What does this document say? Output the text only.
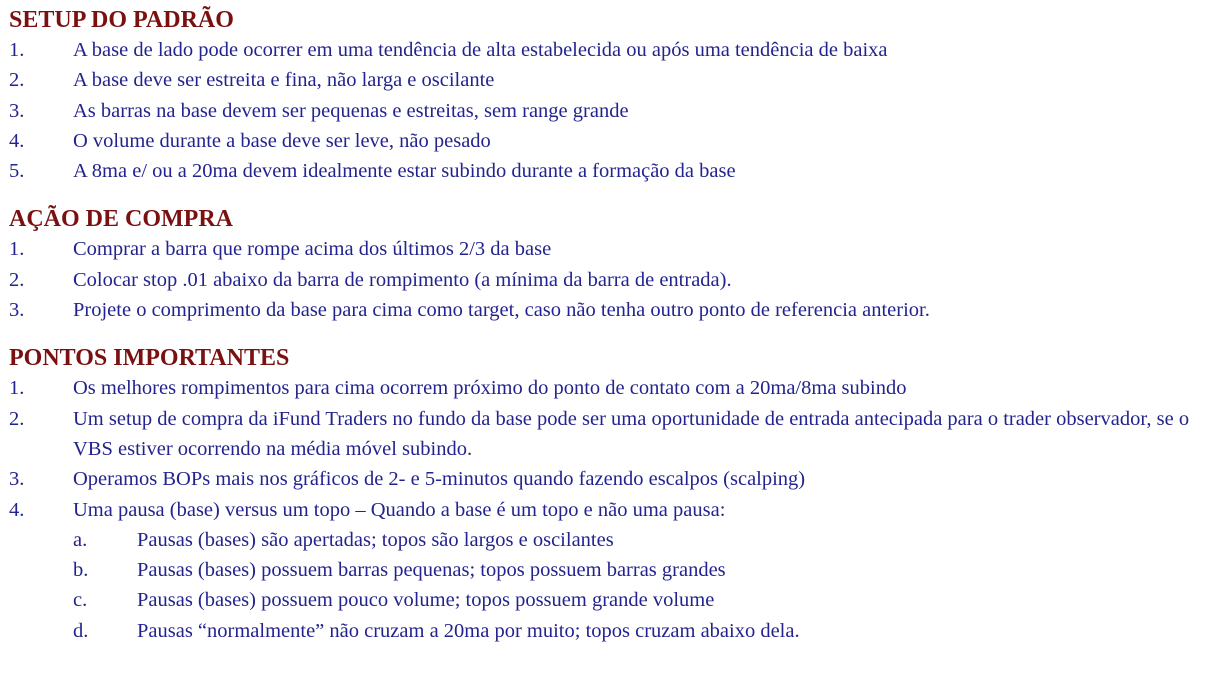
SETUP DO PADRÃO
1.	A base de lado pode ocorrer em uma tendência de alta estabelecida ou após uma tendência de baixa
2.	A base deve ser estreita e fina, não larga e oscilante
3.	As barras na base devem ser pequenas e estreitas, sem range grande
4.	O volume durante a base deve ser leve, não pesado
5.	A 8ma e/ ou a 20ma devem idealmente estar subindo durante a formação da base
AÇÃO DE COMPRA
1.	Comprar a barra que rompe acima dos últimos 2/3 da base
2.	Colocar stop .01 abaixo da barra de rompimento (a mínima da barra de entrada).
3.	Projete o comprimento da base para cima como target, caso não tenha outro ponto de referencia anterior.
PONTOS IMPORTANTES
1.	Os melhores rompimentos para cima ocorrem próximo do ponto de contato com a 20ma/8ma subindo
2.	Um setup de compra da iFund Traders no fundo da base pode ser uma oportunidade de entrada antecipada para o trader observador, se o VBS estiver ocorrendo na média móvel subindo.
3.	Operamos BOPs mais nos gráficos de 2- e 5-minutos quando fazendo escalpos (scalping)
4.	Uma pausa (base) versus um topo – Quando a base é um topo e não uma pausa:
a.	Pausas (bases) são apertadas; topos são largos e oscilantes
b.	Pausas (bases) possuem barras pequenas; topos possuem barras grandes
c.	Pausas (bases) possuem pouco volume; topos possuem grande volume
d.	Pausas “normalmente” não cruzam a 20ma por muito; topos cruzam abaixo dela.
